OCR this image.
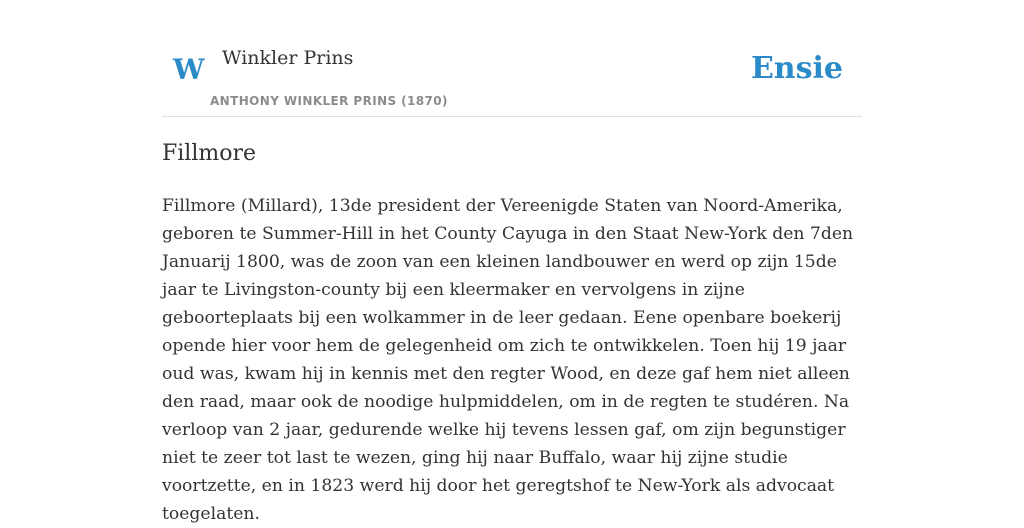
W Winkler Prins
ANTHONY WINKLER PRINS (1870)
Ensie
Fillmore

Fillmore (Millard), 13de president der Vereenigde Staten van Noord-Amerika, geboren te Summer-Hill in het County Cayuga in den Staat New-York den 7den Januarij 1800, was de zoon van een kleinen landbouwer en werd op zijn 15de jaar te Livingston-county bij een kleermaker en vervolgens in zijne geboorteplaats bij een wolkammer in de leer gedaan. Eene openbare boekerij opende hier voor hem de gelegenheid om zich te ontwikkelen. Toen hij 19 jaar oud was, kwam hij in kennis met den regter Wood, en deze gaf hem niet alleen den raad, maar ook de noodige hulpmiddelen, om in de regten te studéren. Na verloop van 2 jaar, gedurende welke hij tevens lessen gaf, om zijn begunstiger niet te zeer tot last te wezen, ging hij naar Buffalo, waar hij zijne studie voortzette, en in 1823 werd hij door het geregtshof te New-York als advocaat toegelaten.
